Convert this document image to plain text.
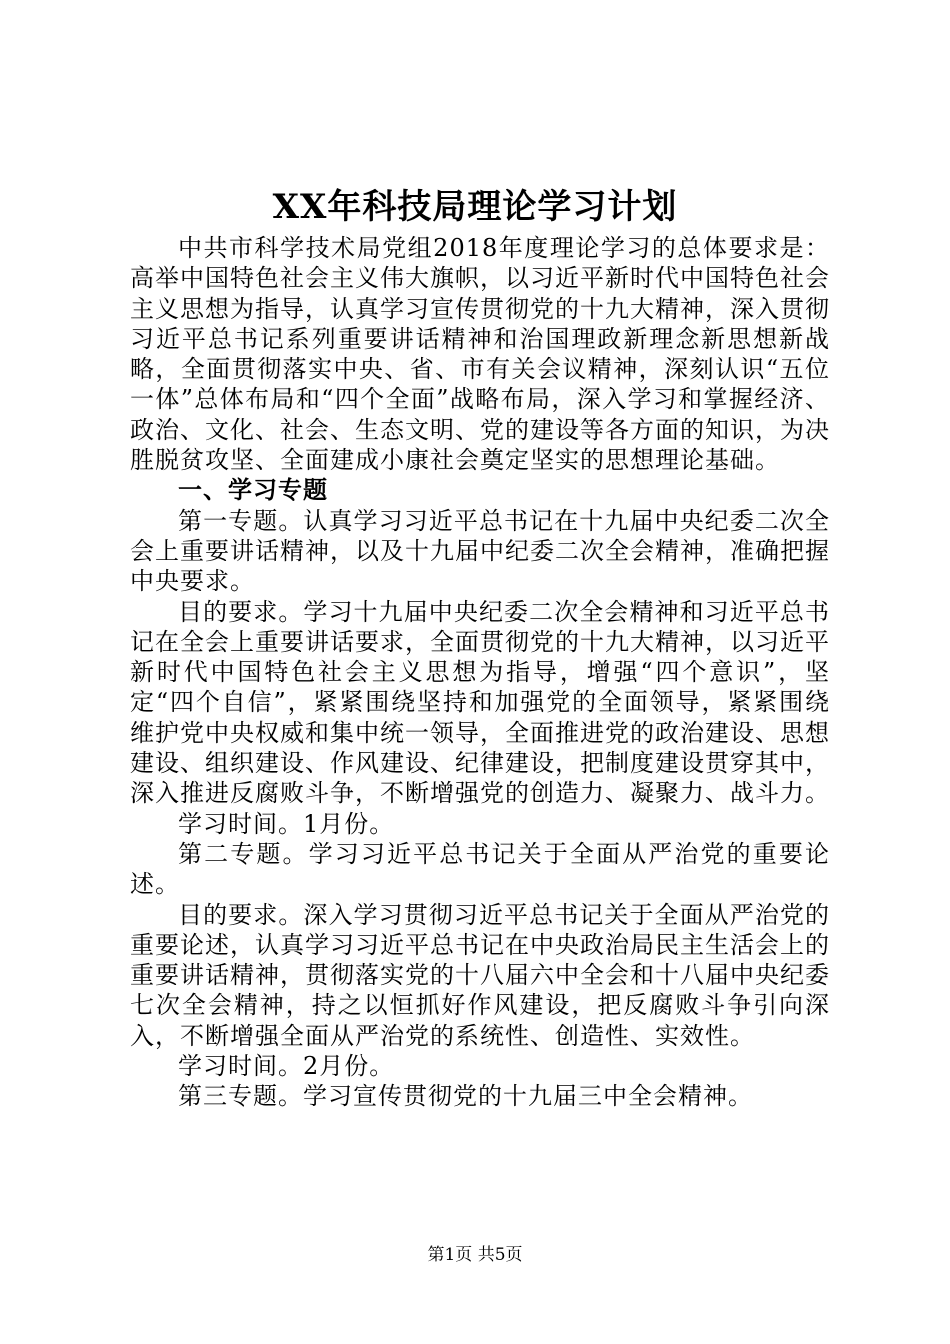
XX年科技局理论学习计划

中共市科学技术局党组2018年度理论学习的总体要求是：高举中国特色社会主义伟大旗帜，以习近平新时代中国特色社会主义思想为指导，认真学习宣传贯彻党的十九大精神，深入贯彻习近平总书记系列重要讲话精神和治国理政新理念新思想新战略，全面贯彻落实中央、省、市有关会议精神，深刻认识“五位一体”总体布局和“四个全面”战略布局，深入学习和掌握经济、政治、文化、社会、生态文明、党的建设等各方面的知识，为决胜脱贫攻坚、全面建成小康社会奠定坚实的思想理论基础。

一、学习专题

第一专题。认真学习习近平总书记在十九届中央纪委二次全会上重要讲话精神，以及十九届中纪委二次全会精神，准确把握中央要求。

目的要求。学习十九届中央纪委二次全会精神和习近平总书记在全会上重要讲话要求，全面贯彻党的十九大精神，以习近平新时代中国特色社会主义思想为指导，增强“四个意识”，坚定“四个自信”，紧紧围绕坚持和加强党的全面领导，紧紧围绕维护党中央权威和集中统一领导，全面推进党的政治建设、思想建设、组织建设、作风建设、纪律建设，把制度建设贯穿其中，深入推进反腐败斗争，不断增强党的创造力、凝聚力、战斗力。

学习时间。1月份。

第二专题。学习习近平总书记关于全面从严治党的重要论述。

目的要求。深入学习贯彻习近平总书记关于全面从严治党的重要论述，认真学习习近平总书记在中央政治局民主生活会上的重要讲话精神，贯彻落实党的十八届六中全会和十八届中央纪委七次全会精神，持之以恒抓好作风建设，把反腐败斗争引向深入，不断增强全面从严治党的系统性、创造性、实效性。

学习时间。2月份。

第三专题。学习宣传贯彻党的十九届三中全会精神。

第1页 共5页
